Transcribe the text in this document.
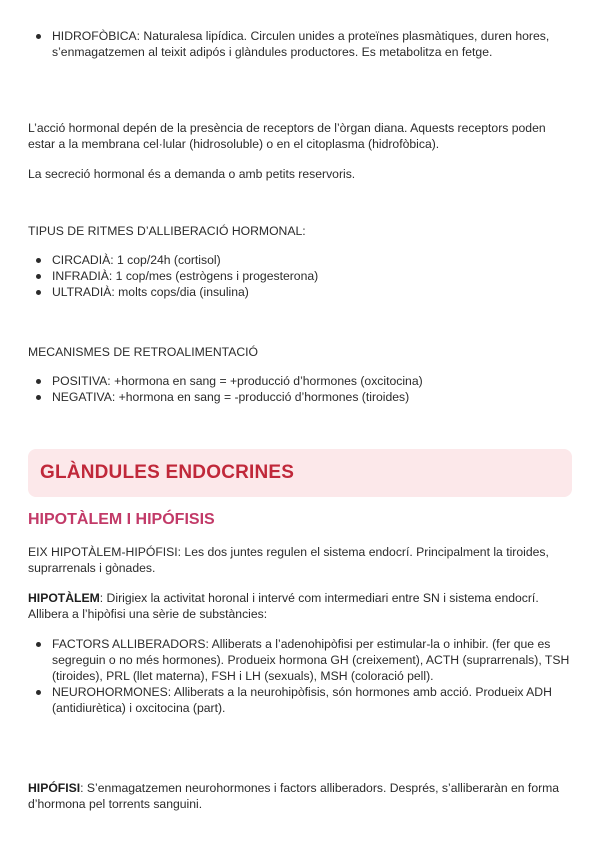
HIDROFÒBICA: Naturalesa lipídica. Circulen unides a proteïnes plasmàtiques, duren hores, s’enmagatzemen al teixit adipós i glàndules productores. Es metabolitza en fetge.

L’acció hormonal depén de la presència de receptors de l’òrgan diana. Aquests receptors poden estar a la membrana cel·lular (hidrosoluble) o en el citoplasma (hidrofòbica).

La secreció hormonal és a demanda o amb petits reservoris.

TIPUS DE RITMES D’ALLIBERACIÓ HORMONAL:

CIRCADIÀ: 1 cop/24h (cortisol)
INFRADIÀ: 1 cop/mes (estrògens i progesterona)
ULTRADIÀ: molts cops/dia (insulina)

MECANISMES DE RETROALIMENTACIÓ

POSITIVA: +hormona en sang = +producció d’hormones (oxcitocina)
NEGATIVA: +hormona en sang = -producció d’hormones (tiroides)
GLÀNDULES ENDOCRINES
HIPOTÀLEM I HIPÓFISIS

EIX HIPOTÀLEM-HIPÓFISI: Les dos juntes regulen el sistema endocrí. Principalment la tiroides, suprarrenals i gònades.

HIPOTÀLEM: Dirigiex la activitat horonal i intervé com intermediari entre SN i sistema endocrí. Allibera a l’hipòfisi una sèrie de substàncies:

FACTORS ALLIBERADORS: Alliberats a l’adenohipòfisi per estimular-la o inhibir. (fer que es segreguin o no més hormones). Produeix hormona GH (creixement), ACTH (suprarrenals), TSH (tiroides), PRL (llet materna), FSH i LH (sexuals), MSH (coloració pell).
NEUROHORMONES: Alliberats a la neurohipòfisis, són hormones amb acció. Produeix ADH (antidiurètica) i oxcitocina (part).

HIPÓFISI: S’enmagatzemen neurohormones i factors alliberadors. Després, s’alliberaràn en forma d’hormona pel torrents sanguini.
